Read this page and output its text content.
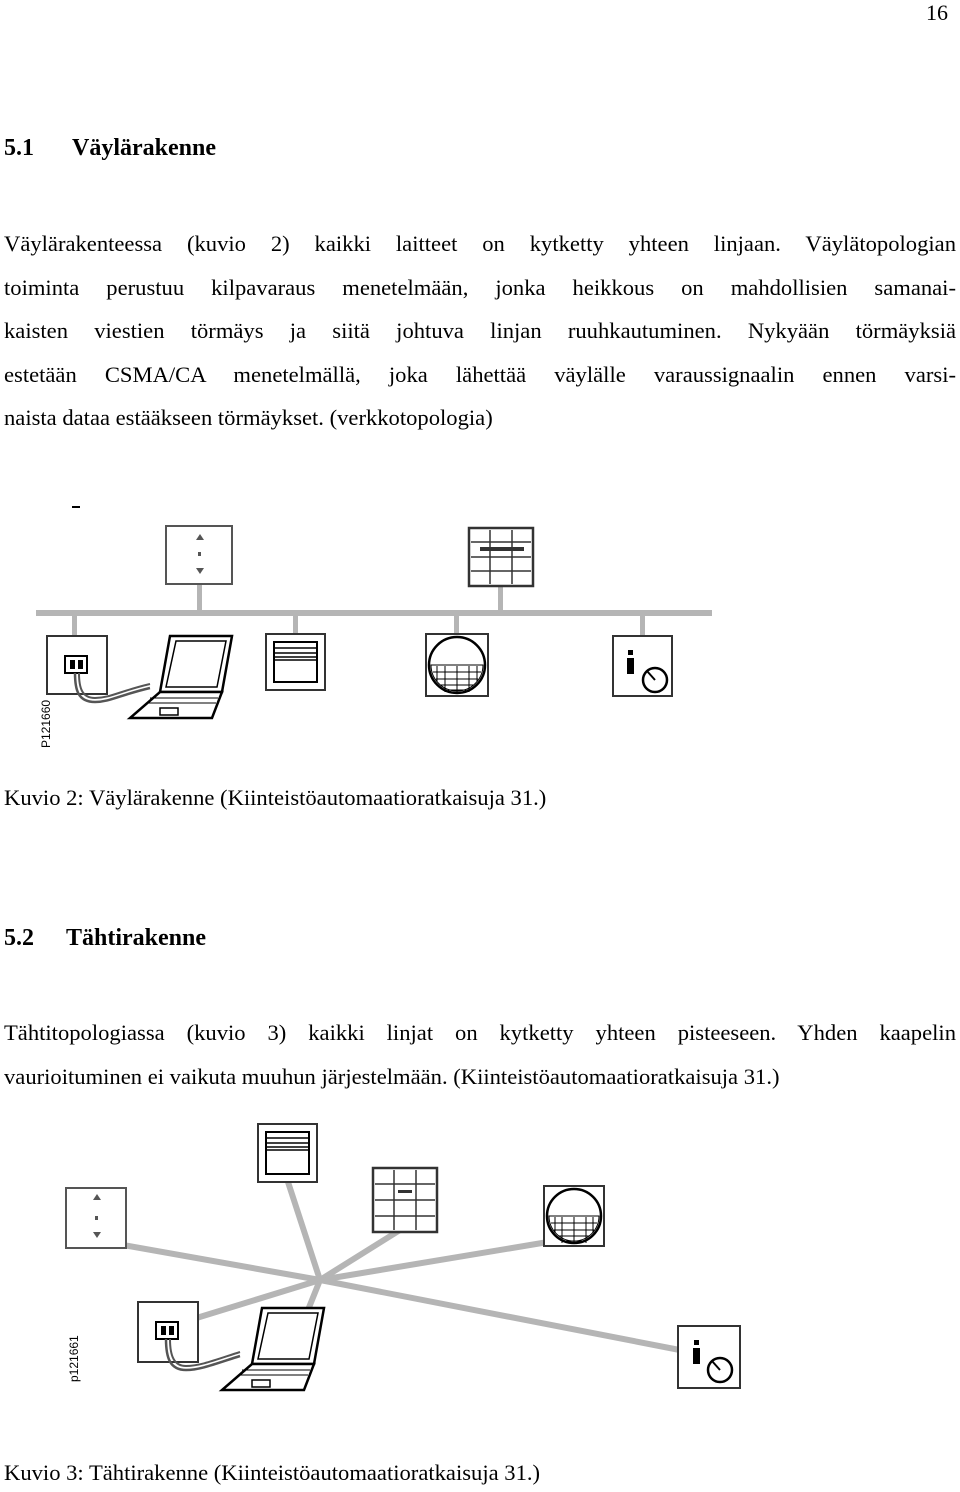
16
5.1 Väylärakenne
Väylärakenteessa (kuvio 2) kaikki laitteet on kytketty yhteen linjaan. Väylätopologian
toiminta perustuu kilpavaraus menetelmään, jonka heikkous on mahdollisien samanai-
kaisten viestien törmäys ja siitä johtuva linjan ruuhkautuminen. Nykyään törmäyksiä
estetään CSMA/CA menetelmällä, joka lähettää väylälle varaussignaalin ennen varsi-
naista dataa estääkseen törmäykset. (verkkotopologia)
P121660
Kuvio 2: Väylärakenne (Kiinteistöautomaatioratkaisuja 31.)
5.2 Tähtirakenne
Tähtitopologiassa (kuvio 3) kaikki linjat on kytketty yhteen pisteeseen. Yhden kaapelin
vaurioituminen ei vaikuta muuhun järjestelmään. (Kiinteistöautomaatioratkaisuja 31.)
p121661
Kuvio 3: Tähtirakenne (Kiinteistöautomaatioratkaisuja 31.)
